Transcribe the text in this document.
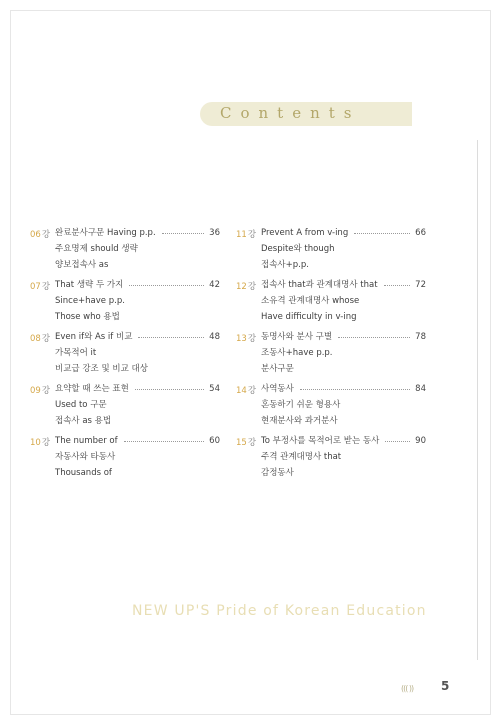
Contents
06강 완료분사구문 Having p.p.
주요명제 should 생략
양보접속사 as
36
07강 That 생략 두 가지
Since+have p.p.
Those who 용법
42
08강 Even if와 As if 비교
가목적어 it
비교급 강조 및 비교 대상
48
09강 요약할 때 쓰는 표현
Used to 구문
접속사 as 용법
54
10강 The number of
자동사와 타동사
Thousands of
60
11강 Prevent A from v-ing
Despite와 though
접속사+p.p.
66
12강 접속사 that과 관계대명사 that
소유격 관계대명사 whose
Have difficulty in v-ing
72
13강 동명사와 분사 구별
조동사+have p.p.
분사구문
78
14강 사역동사
혼동하기 쉬운 형용사
현재분사와 과거분사
84
15강 To 부정사를 목적어로 받는 동사
주격 관계대명사 that
감정동사
90
NEW UP'S Pride of Korean Education
((( )) 5
